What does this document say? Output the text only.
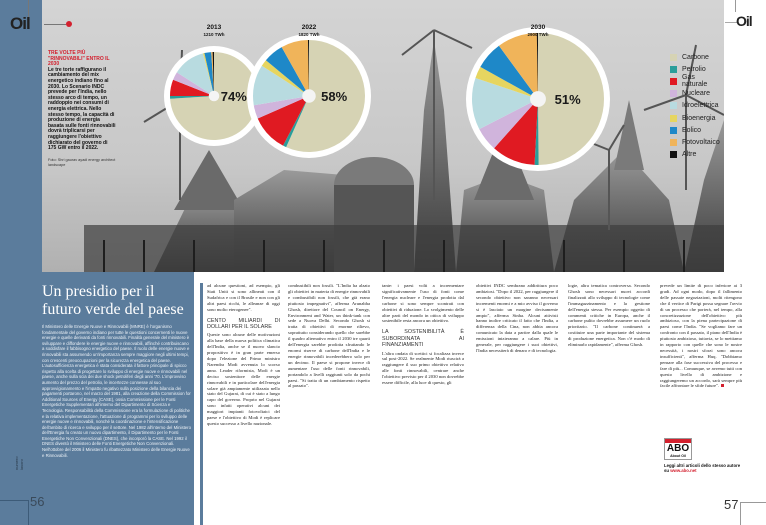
Oil	Oil
TRE VOLTE PIÙ "RINNOVABILI" ENTRO IL 2030
Le tre torte raffigurano il cambiamento del mix energetico indiano fino al 2030. Lo Scenario INDC prevede per l'India, nello stesso arco di tempo, un raddoppio nei consumi di energia elettrica. Nello stesso tempo, la capacità di produzione di energia basata sulle fonti rinnovabili dovrà triplicarsi per raggiungere l'obiettivo dichiarato del governo di 175 GW entro il 2022.
Foto: Shri gaurav ayadi energy architect landscape
74%	58%	51%
2013
1210 TWh
2022
1820 TWh
2030
2900 TWh
Carbone
Petrolio
Gas naturale
Nucleare
Idroelettrica
Bioenergia
Eolico
Fotovoltaico
Altre
Un presidio per il futuro verde del paese
Il Ministero delle Energie Nuove e Rinnovabili (MNRE) è l'organismo fondamentale del governo indiano per tutte le questioni concernenti le nuove energie e quelle derivanti da fonti rinnovabili. Finalità generale del ministero è sviluppare e diffondere le energie nuove e rinnovabili, affinché contribuiscano a soddisfare il fabbisogno energetico del paese. Il ruolo delle energie nuove e rinnovabili sta assumendo un'importanza sempre maggiore negli ultimi tempi, con crescenti preoccupazioni per la sicurezza energetica del paese. L'autosufficienza energetica è stata considerata il fattore principale di spicco rispetto alla scelta di progettare lo sviluppo di energie nuove e rinnovabili nel paese, anche sulla scia dei due shock petroliferi degli anni '70. L'improvviso aumento del prezzo del petrolio, le incertezze connesse al suo approvvigionamento e l'impatto negativo sulla posizione della bilancia dei pagamenti portarono, nel marzo del 1981, alla creazione della Commission for Additional Sources of Energy (CASE), ossia Commissione per le Fonti Energetiche Supplementari all'interno del Dipartimento di Scienza e Tecnologia. Responsabilità della Commissione era la formulazione di politiche e la relativa implementazione, l'attuazione di programmi per lo sviluppo delle energie nuove e rinnovabili, nonché la coordinazione e l'intensificazione dell'ambito di ricerca e sviluppo per il settore. Nel 1982 all'interno del Ministero dell'Energia fu creato un nuovo dipartimento, il Dipartimento per le Fonti Energetiche Non Convenzionali (DNES), che incorporò la CASE. Nel 1992 il DNES diventò il Ministero delle Fonti Energetiche Non Convenzionali. Nell'ottobre del 2006 il Ministero fu ribattezzato Ministero delle Energie Nuove e Rinnovabili.
numero lavoro
56

ad alcune questioni, ad esempio, gli Stati Uniti si sono allineati con il Sudafrica e con il Brasile e non con gli altri paesi ricchi, le alleanze di oggi sono molto eterogenee".

CENTO MILIARDI DI DOLLARI PER IL SOLARE

Queste sono alcune delle motivazioni alla base della nuova politica climatica dell'India, anche se il nuovo slancio propositivo è in gran parte emerso dopo l'elezione del Primo ministro Narendra Modi avvenuta lo scorso anno. Leader riformista, Modi è un deciso sostenitore delle energie rinnovabili e in particolare dell'energia solare già ampiamente utilizzata nello stato del Gujarat, di cui è stato a lungo capo del governo. Proprio nel Gujarat sono infatti operativi alcuni dei maggiori impianti fotovoltaici del paese e l'obiettivo di Modi è replicare questo successo a livello nazionale.

combustibili non fossili. "L'India ha alzato gli obiettivi in materia di energie rinnovabili e combustibili non fossili, che già erano piuttosto impegnativi", afferma Arunabha Ghosh, direttore del Council on Energy, Environment and Water, un think-tank con sede a Nuova Delhi. Secondo Ghosh si tratta di obiettivi di enorme rilievo, soprattutto considerando quello che sarebbe il quadro alternativo entro il 2030 tre quarti dell'energia sarebbe prodotta sfruttando le enormi riserve di carbone dell'India e le energie rinnovabili incederebbero solo per un decimo. Il paese si propone invece di aumentare l'uso delle fonti rinnovabili, portandolo a livelli raggiunti solo da pochi paesi. "Si tratta di un cambiamento rispetto al passato".

tante: i paesi volti a incrementare significativamente l'uso di fonti come l'energia nucleare e l'energia prodotta dal carbone si sono sempre scontrati con obiettivi di riduzione. Lo svolgimento delle altre parti del mondo in ottica di sviluppo sostenibile resta ancora un obiettivo.

LA SOSTENIBILITÀ È SUBORDINATA AI FINANZIAMENTI

L'altra ondata di scettici si focalizza invece sul post-2022. Se realmente Modi riuscirà a raggiungere il suo primo obiettivo relativo alle fonti rinnovabili, centrare anche l'obiettivo previsto per il 2030 non dovrebbe essere difficile, alla luce di questo, gli

obiettivi INDC sembrano addirittura poco ambiziosi. "Dopo il 2022, per raggiungere il secondo obiettivo non saranno necessari incrementi enormi e a mio avviso il governo si è lasciato un margine decisamente ampio", afferma Sinha. Alcuni attivisti hanno inoltre criticato il fatto che l'India, a differenza della Cina, non abbia ancora comunicato la data a partire dalla quale le emissioni inizieranno a calare. Più in generale, per raggiungere i suoi obiettivi, l'India necessiterà di denaro e di tecnologia.

logie, altra tematica controversa. Secondo Ghosh sono necessari nuovi accordi finalizzati allo sviluppo di tecnologie come l'immagazzinamento e la gestione dell'energia stessa. Per esempio oggetto di commenti critiche in Europa, anche il carbone pulito dovrebbe assumere un ruolo prioritario. "Il carbone continuerà a costituire una parte importante del sistema di produzione energetica. Non c'è modo di eliminarlo rapidamente", afferma Ghosh.

prevede un limite di poco inferiore ai 3 gradi. Ad ogni modo, dopo il fallimento delle passate negoziazioni, molti ritengono che il vertice di Parigi possa segnare l'avvio di un processo che porterà, nel tempo, alla concretizzazione dell'obiettivo più ambizioso, con la piena partecipazione di paesi come l'India. "Se vogliamo fare un confronto con il passato, il piano dell'India è piuttosto ambizioso, tuttavia, se lo mettiamo in rapporto con quelle che sono le nostre necessità, i nostri sforzi sono ancora insufficienti", afferma Huq. "Dobbiamo pensare alla fase successiva del processo e fare di più... Comunque, se avremo tutti con questo livello di ambizione e raggiungeremo un accordo, sarà sempre più facile affrontare le sfide future".

ABO
About Oil
Leggi altri articoli dello stesso autore su www.abo.net
57
